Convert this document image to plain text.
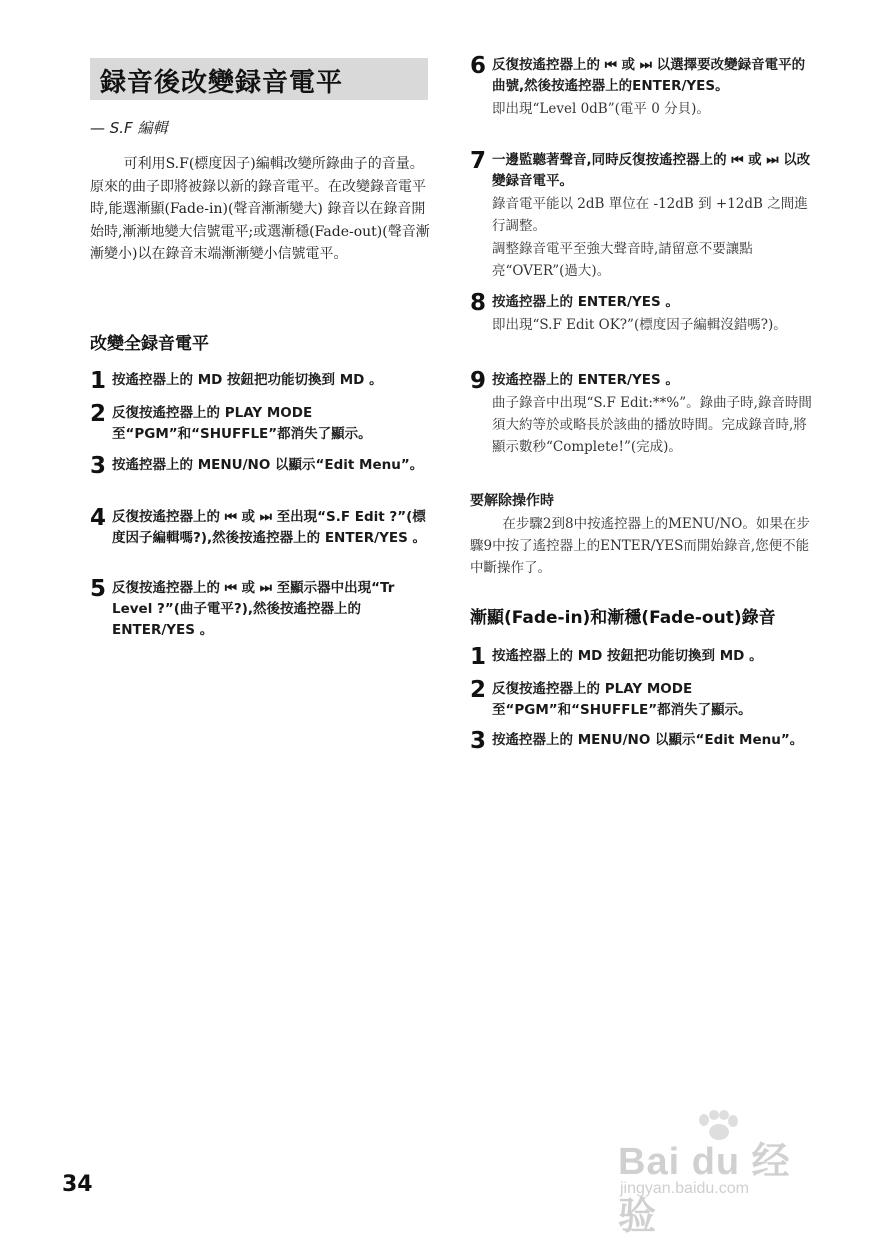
録音後改變録音電平
— S.F 編輯

可利用S.F(標度因子)編輯改變所錄曲子的音量。原來的曲子即將被錄以新的錄音電平。在改變錄音電平時,能選漸顯(Fade-in)(聲音漸漸變大) 錄音以在錄音開始時,漸漸地變大信號電平;或選漸穩(Fade-out)(聲音漸漸變小)以在錄音末端漸漸變小信號電平。

改變全録音電平
1 按遙控器上的 MD 按鈕把功能切換到 MD 。
2 反復按遙控器上的 PLAY MODE 至“PGM”和“SHUFFLE”都消失了顯示。
3 按遙控器上的 MENU/NO 以顯示“Edit Menu”。
4 反復按遙控器上的 ⏮ 或 ⏭ 至出現“S.F Edit ?”(標度因子編輯嗎?),然後按遙控器上的 ENTER/YES 。
5 反復按遙控器上的 ⏮ 或 ⏭ 至顯示器中出現“Tr Level ?”(曲子電平?),然後按遙控器上的 ENTER/YES 。
6 反復按遙控器上的 ⏮ 或 ⏭ 以選擇要改變録音電平的曲號,然後按遙控器上的ENTER/YES。
即出現“Level 0dB”(電平 0 分貝)。
7 一邊監聽著聲音,同時反復按遙控器上的 ⏮ 或 ⏭ 以改變録音電平。
錄音電平能以 2dB 單位在 -12dB 到 +12dB 之間進行調整。
調整錄音電平至強大聲音時,請留意不要讓點亮“OVER”(過大)。
8 按遙控器上的 ENTER/YES 。
即出現“S.F Edit OK?”(標度因子編輯沒錯嗎?)。
9 按遙控器上的 ENTER/YES 。
曲子錄音中出現“S.F Edit:**%”。錄曲子時,錄音時間須大約等於或略長於該曲的播放時間。完成錄音時,將顯示數秒“Complete!”(完成)。
要解除操作時

在步驟2到8中按遙控器上的MENU/NO。如果在步驟9中按了遙控器上的ENTER/YES而開始錄音,您便不能中斷操作了。

漸顯(Fade-in)和漸穩(Fade-out)錄音
1 按遙控器上的 MD 按鈕把功能切換到 MD 。
2 反復按遙控器上的 PLAY MODE 至“PGM”和“SHUFFLE”都消失了顯示。
3 按遙控器上的 MENU/NO 以顯示“Edit Menu”。
34
Bai du 经验
jingyan.baidu.com
